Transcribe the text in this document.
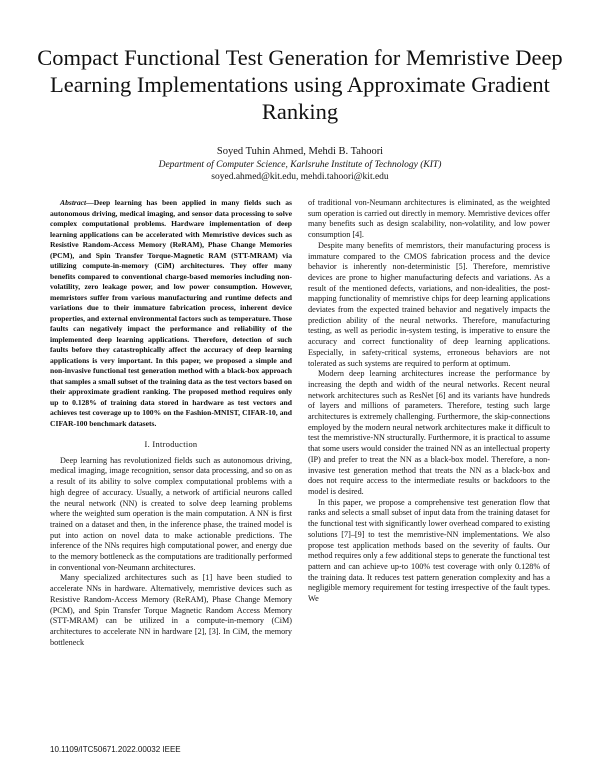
Compact Functional Test Generation for Memristive Deep Learning Implementations using Approximate Gradient Ranking
Soyed Tuhin Ahmed, Mehdi B. Tahoori
Department of Computer Science, Karlsruhe Institute of Technology (KIT)
soyed.ahmed@kit.edu, mehdi.tahoori@kit.edu

Abstract—Deep learning has been applied in many fields such as autonomous driving, medical imaging, and sensor data processing to solve complex computational problems. Hardware implementation of deep learning applications can be accelerated with Memristive devices such as Resistive Random-Access Memory (ReRAM), Phase Change Memories (PCM), and Spin Transfer Torque-Magnetic RAM (STT-MRAM) via utilizing compute-in-memory (CiM) architectures. They offer many benefits compared to conventional charge-based memories including non-volatility, zero leakage power, and low power consumption. However, memristors suffer from various manufacturing and runtime defects and variations due to their immature fabrication process, inherent device properties, and external environmental factors such as temperature. Those faults can negatively impact the performance and reliability of the implemented deep learning applications. Therefore, detection of such faults before they catastrophically affect the accuracy of deep learning applications is very important. In this paper, we proposed a simple and non-invasive functional test generation method with a black-box approach that samples a small subset of the training data as the test vectors based on their approximate gradient ranking. The proposed method requires only up to 0.128% of training data stored in hardware as test vectors and achieves test coverage up to 100% on the Fashion-MNIST, CIFAR-10, and CIFAR-100 benchmark datasets.

I. Introduction

Deep learning has revolutionized fields such as autonomous driving, medical imaging, image recognition, sensor data processing, and so on as a result of its ability to solve complex computational problems with a high degree of accuracy. Usually, a network of artificial neurons called the neural network (NN) is created to solve deep learning problems where the weighted sum operation is the main computation. A NN is first trained on a dataset and then, in the inference phase, the trained model is put into action on novel data to make actionable predictions. The inference of the NNs requires high computational power, and energy due to the memory bottleneck as the computations are traditionally performed in conventional von-Neumann architectures.

Many specialized architectures such as [1] have been studied to accelerate NNs in hardware. Alternatively, memristive devices such as Resistive Random-Access Memory (ReRAM), Phase Change Memory (PCM), and Spin Transfer Torque Magnetic Random Access Memory (STT-MRAM) can be utilized in a compute-in-memory (CiM) architectures to accelerate NN in hardware [2], [3]. In CiM, the memory bottleneck

of traditional von-Neumann architectures is eliminated, as the weighted sum operation is carried out directly in memory. Memristive devices offer many benefits such as design scalability, non-volatility, and low power consumption [4].

Despite many benefits of memristors, their manufacturing process is immature compared to the CMOS fabrication process and the device behavior is inherently non-deterministic [5]. Therefore, memristive devices are prone to higher manufacturing defects and variations. As a result of the mentioned defects, variations, and non-idealities, the post-mapping functionality of memristive chips for deep learning applications deviates from the expected trained behavior and negatively impacts the prediction ability of the neural networks. Therefore, manufacturing testing, as well as periodic in-system testing, is imperative to ensure the accuracy and correct functionality of deep learning applications. Especially, in safety-critical systems, erroneous behaviors are not tolerated as such systems are required to perform at optimum.

Modern deep learning architectures increase the performance by increasing the depth and width of the neural networks. Recent neural network architectures such as ResNet [6] and its variants have hundreds of layers and millions of parameters. Therefore, testing such large architectures is extremely challenging. Furthermore, the skip-connections employed by the modern neural network architectures make it difficult to test the memristive-NN structurally. Furthermore, it is practical to assume that some users would consider the trained NN as an intellectual property (IP) and prefer to treat the NN as a black-box model. Therefore, a non-invasive test generation method that treats the NN as a black-box and does not require access to the intermediate results or backdoors to the model is desired.

In this paper, we propose a comprehensive test generation flow that ranks and selects a small subset of input data from the training dataset for the functional test with significantly lower overhead compared to existing solutions [7]–[9] to test the memristive-NN implementations. We also propose test application methods based on the severity of faults. Our method requires only a few additional steps to generate the functional test pattern and can achieve up-to 100% test coverage with only 0.128% of the training data. It reduces test pattern generation complexity and has a negligible memory requirement for testing irrespective of the fault types. We

10.1109/ITC50671.2022.00032 IEEE
